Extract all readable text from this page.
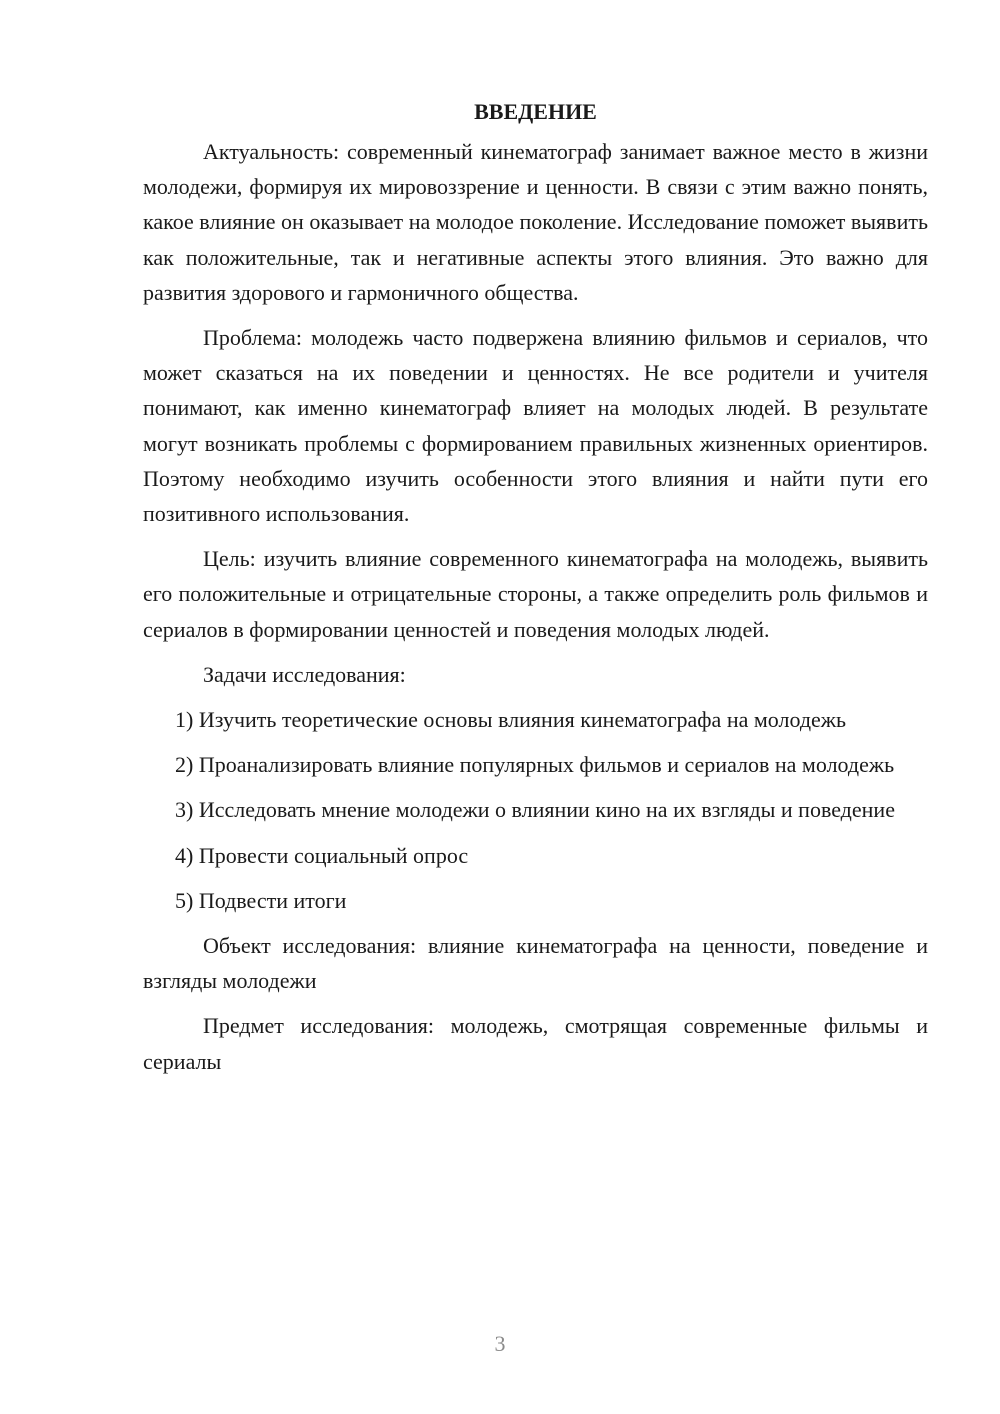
ВВЕДЕНИЕ

Актуальность: современный кинематограф занимает важное место в жизни молодежи, формируя их мировоззрение и ценности. В связи с этим важно понять, какое влияние он оказывает на молодое поколение. Исследование поможет выявить как положительные, так и негативные аспекты этого влияния. Это важно для развития здорового и гармоничного общества.

Проблема: молодежь часто подвержена влиянию фильмов и сериалов, что может сказаться на их поведении и ценностях. Не все родители и учителя понимают, как именно кинематограф влияет на молодых людей. В результате могут возникать проблемы с формированием правильных жизненных ориентиров. Поэтому необходимо изучить особенности этого влияния и найти пути его позитивного использования.

Цель: изучить влияние современного кинематографа на молодежь, выявить его положительные и отрицательные стороны, а также определить роль фильмов и сериалов в формировании ценностей и поведения молодых людей.

Задачи исследования:

1) Изучить теоретические основы влияния кинематографа на молодежь

2) Проанализировать влияние популярных фильмов и сериалов на молодежь

3) Исследовать мнение молодежи о влиянии кино на их взгляды и поведение

4) Провести социальный опрос

5) Подвести итоги

Объект исследования: влияние кинематографа на ценности, поведение и взгляды молодежи

Предмет исследования: молодежь, смотрящая современные фильмы и сериалы

3
